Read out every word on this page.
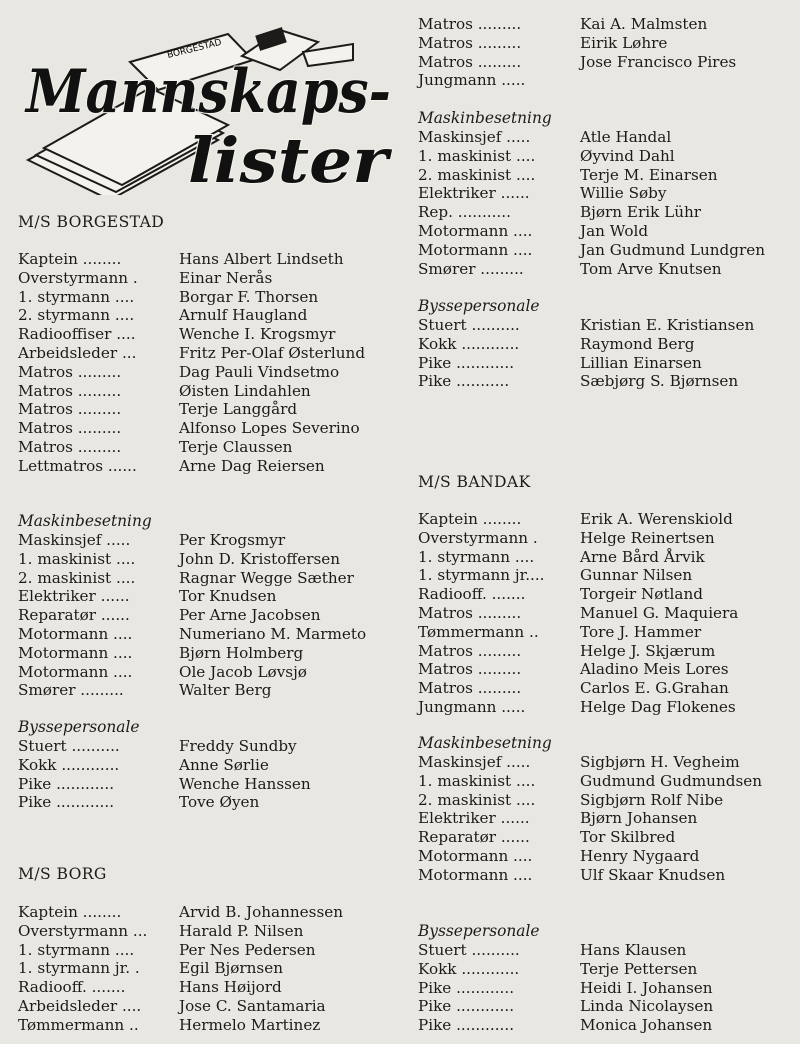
BORGESTAD
Mannskaps-
lister
M/S BORGESTAD
Kaptein ........	Hans Albert Lindseth
Overstyrmann .	Einar Nerås
1. styrmann ....	Borgar F. Thorsen
2. styrmann ....	Arnulf Haugland
Radiooffiser ....	Wenche I. Krogsmyr
Arbeidsleder ...	Fritz Per-Olaf Østerlund
Matros .........	Dag Pauli Vindsetmo
Matros .........	Øisten Lindahlen
Matros .........	Terje Langgård
Matros .........	Alfonso Lopes Severino
Matros .........	Terje Claussen
Lettmatros ......	Arne Dag Reiersen
Maskinbesetning
Maskinsjef .....	Per Krogsmyr
1. maskinist ....	John D. Kristoffersen
2. maskinist ....	Ragnar Wegge Sæther
Elektriker ......	Tor Knudsen
Reparatør ......	Per Arne Jacobsen
Motormann ....	Numeriano M. Marmeto
Motormann ....	Bjørn Holmberg
Motormann ....	Ole Jacob Løvsjø
Smører .........	Walter Berg
Byssepersonale
Stuert ..........	Freddy Sundby
Kokk ............	Anne Sørlie
Pike ............	Wenche Hanssen
Pike ............	Tove Øyen
M/S BORG
Kaptein ........	Arvid B. Johannessen
Overstyrmann ... Harald P. Nilsen
1. styrmann ....	Per Nes Pedersen
1. styrmann jr. .	Egil Bjørnsen
Radiooff. .......	Hans Høijord
Arbeidsleder .... Jose C. Santamaria
Tømmermann ..	Hermelo Martinez
Matros .........	Kai A. Malmsten
Matros .........	Eirik Løhre
Matros .........	Jose Francisco Pires
Jungmann .....
Maskinbesetning
Maskinsjef .....	Atle Handal
1. maskinist ....	Øyvind Dahl
2. maskinist ....	Terje M. Einarsen
Elektriker ......	Willie Søby
Rep. ...........	Bjørn Erik Lühr
Motormann ....	Jan Wold
Motormann ....	Jan Gudmund Lundgren
Smører .........	Tom Arve Knutsen
Byssepersonale
Stuert ..........	Kristian E. Kristiansen
Kokk ............	Raymond Berg
Pike ............	Lillian Einarsen
Pike ...........	Sæbjørg S. Bjørnsen
M/S BANDAK
Kaptein ........	Erik A. Werenskiold
Overstyrmann .	Helge Reinertsen
1. styrmann ....	Arne Bård Årvik
1. styrmann jr.... Gunnar Nilsen
Radiooff. .......	Torgeir Nøtland
Matros .........	Manuel G. Maquiera
Tømmermann ..	Tore J. Hammer
Matros .........	Helge J. Skjærum
Matros .........	Aladino Meis Lores
Matros .........	Carlos E. G.Grahan
Jungmann .....	Helge Dag Flokenes
Maskinbesetning
Maskinsjef .....	Sigbjørn H. Vegheim
1. maskinist ....	Gudmund Gudmundsen
2. maskinist ....	Sigbjørn Rolf Nibe
Elektriker ......	Bjørn Johansen
Reparatør ......	Tor Skilbred
Motormann ....	Henry Nygaard
Motormann ....	Ulf Skaar Knudsen
Byssepersonale
Stuert ..........	Hans Klausen
Kokk ............	Terje Pettersen
Pike ............	Heidi I. Johansen
Pike ............	Linda Nicolaysen
Pike ............	Monica Johansen
